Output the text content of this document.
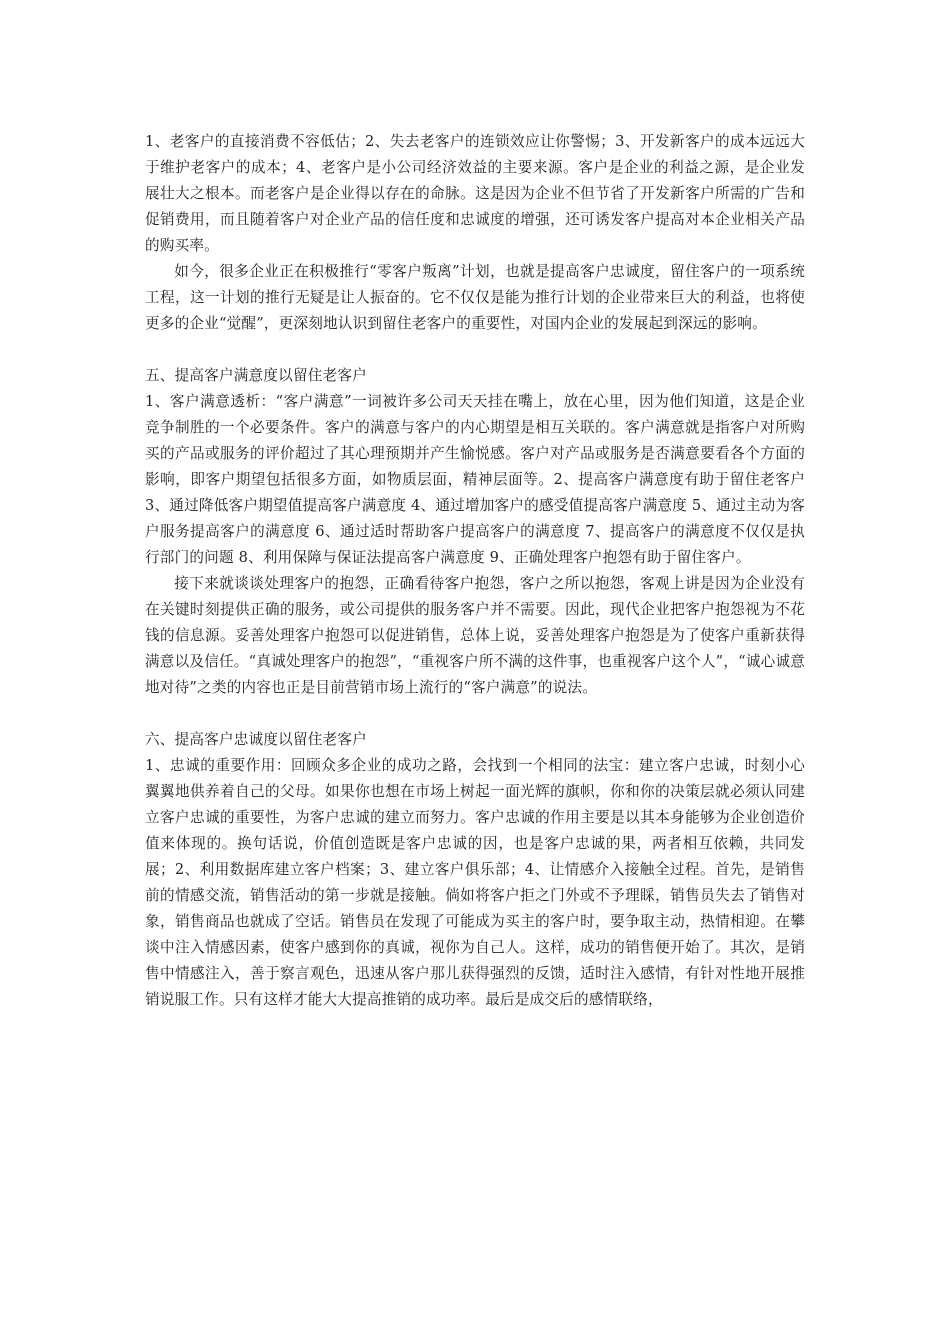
1、老客户的直接消费不容低估；2、失去老客户的连锁效应让你警惕；3、开发新客户的成本远远大于维护老客户的成本；4、老客户是小公司经济效益的主要来源。客户是企业的利益之源，是企业发展壮大之根本。而老客户是企业得以存在的命脉。这是因为企业不但节省了开发新客户所需的广告和促销费用，而且随着客户对企业产品的信任度和忠诚度的增强，还可诱发客户提高对本企业相关产品的购买率。

如今，很多企业正在积极推行“零客户叛离”计划，也就是提高客户忠诚度，留住客户的一项系统工程，这一计划的推行无疑是让人振奋的。它不仅仅是能为推行计划的企业带来巨大的利益，也将使更多的企业“觉醒”，更深刻地认识到留住老客户的重要性，对国内企业的发展起到深远的影响。

五、提高客户满意度以留住老客户

1、客户满意透析：“客户满意”一词被许多公司天天挂在嘴上，放在心里，因为他们知道，这是企业竞争制胜的一个必要条件。客户的满意与客户的内心期望是相互关联的。客户满意就是指客户对所购买的产品或服务的评价超过了其心理预期并产生愉悦感。客户对产品或服务是否满意要看各个方面的影响，即客户期望包括很多方面，如物质层面，精神层面等。2、提高客户满意度有助于留住老客户 3、通过降低客户期望值提高客户满意度 4、通过增加客户的感受值提高客户满意度 5、通过主动为客户服务提高客户的满意度 6、通过适时帮助客户提高客户的满意度 7、提高客户的满意度不仅仅是执行部门的问题 8、利用保障与保证法提高客户满意度 9、正确处理客户抱怨有助于留住客户。

接下来就谈谈处理客户的抱怨，正确看待客户抱怨，客户之所以抱怨，客观上讲是因为企业没有在关键时刻提供正确的服务，或公司提供的服务客户并不需要。因此，现代企业把客户抱怨视为不花钱的信息源。妥善处理客户抱怨可以促进销售，总体上说，妥善处理客户抱怨是为了使客户重新获得满意以及信任。“真诚处理客户的抱怨”，“重视客户所不满的这件事，也重视客户这个人”，“诚心诚意地对待”之类的内容也正是目前营销市场上流行的“客户满意”的说法。

六、提高客户忠诚度以留住老客户

1、忠诚的重要作用：回顾众多企业的成功之路，会找到一个相同的法宝：建立客户忠诚，时刻小心翼翼地供养着自己的父母。如果你也想在市场上树起一面光辉的旗帜，你和你的决策层就必须认同建立客户忠诚的重要性，为客户忠诚的建立而努力。客户忠诚的作用主要是以其本身能够为企业创造价值来体现的。换句话说，价值创造既是客户忠诚的因，也是客户忠诚的果，两者相互依赖，共同发展；2、利用数据库建立客户档案；3、建立客户俱乐部；4、让情感介入接触全过程。首先，是销售前的情感交流，销售活动的第一步就是接触。倘如将客户拒之门外或不予理睬，销售员失去了销售对象，销售商品也就成了空话。销售员在发现了可能成为买主的客户时，要争取主动，热情相迎。在攀谈中注入情感因素，使客户感到你的真诚，视你为自己人。这样，成功的销售便开始了。其次，是销售中情感注入，善于察言观色，迅速从客户那儿获得强烈的反馈，适时注入感情，有针对性地开展推销说服工作。只有这样才能大大提高推销的成功率。最后是成交后的感情联络，
